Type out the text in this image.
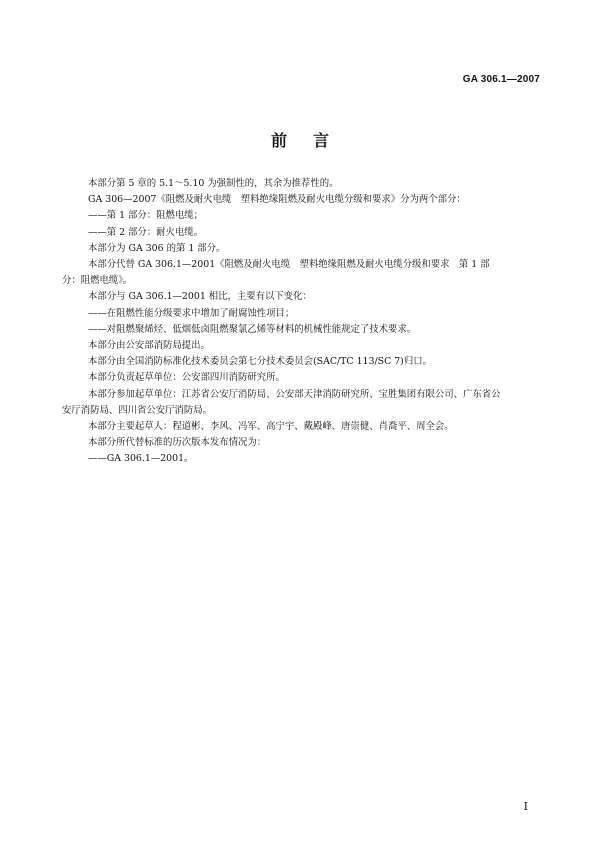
GA 306.1—2007
前 言

本部分第 5 章的 5.1～5.10 为强制性的，其余为推荐性的。

GA 306—2007《阻燃及耐火电缆　塑料绝缘阻燃及耐火电缆分级和要求》分为两个部分：

——第 1 部分：阻燃电缆；

——第 2 部分：耐火电缆。

本部分为 GA 306 的第 1 部分。

本部分代替 GA 306.1—2001《阻燃及耐火电缆　塑料绝缘阻燃及耐火电缆分级和要求　第 1 部

分：阻燃电缆》。

本部分与 GA 306.1—2001 相比，主要有以下变化：

——在阻燃性能分级要求中增加了耐腐蚀性项目；

——对阻燃聚烯烃、低烟低卤阻燃聚氯乙烯等材料的机械性能规定了技术要求。

本部分由公安部消防局提出。

本部分由全国消防标准化技术委员会第七分技术委员会(SAC/TC 113/SC 7)归口。

本部分负责起草单位：公安部四川消防研究所。

本部分参加起草单位：江苏省公安厅消防局、公安部天津消防研究所、宝胜集团有限公司、广东省公

安厅消防局、四川省公安厅消防局。

本部分主要起草人：程道彬、李风、冯军、高宁宇、戴殿峰、唐崇健、肖喬平、周全会。

本部分所代替标准的历次版本发布情况为：

——GA 306.1—2001。

I
